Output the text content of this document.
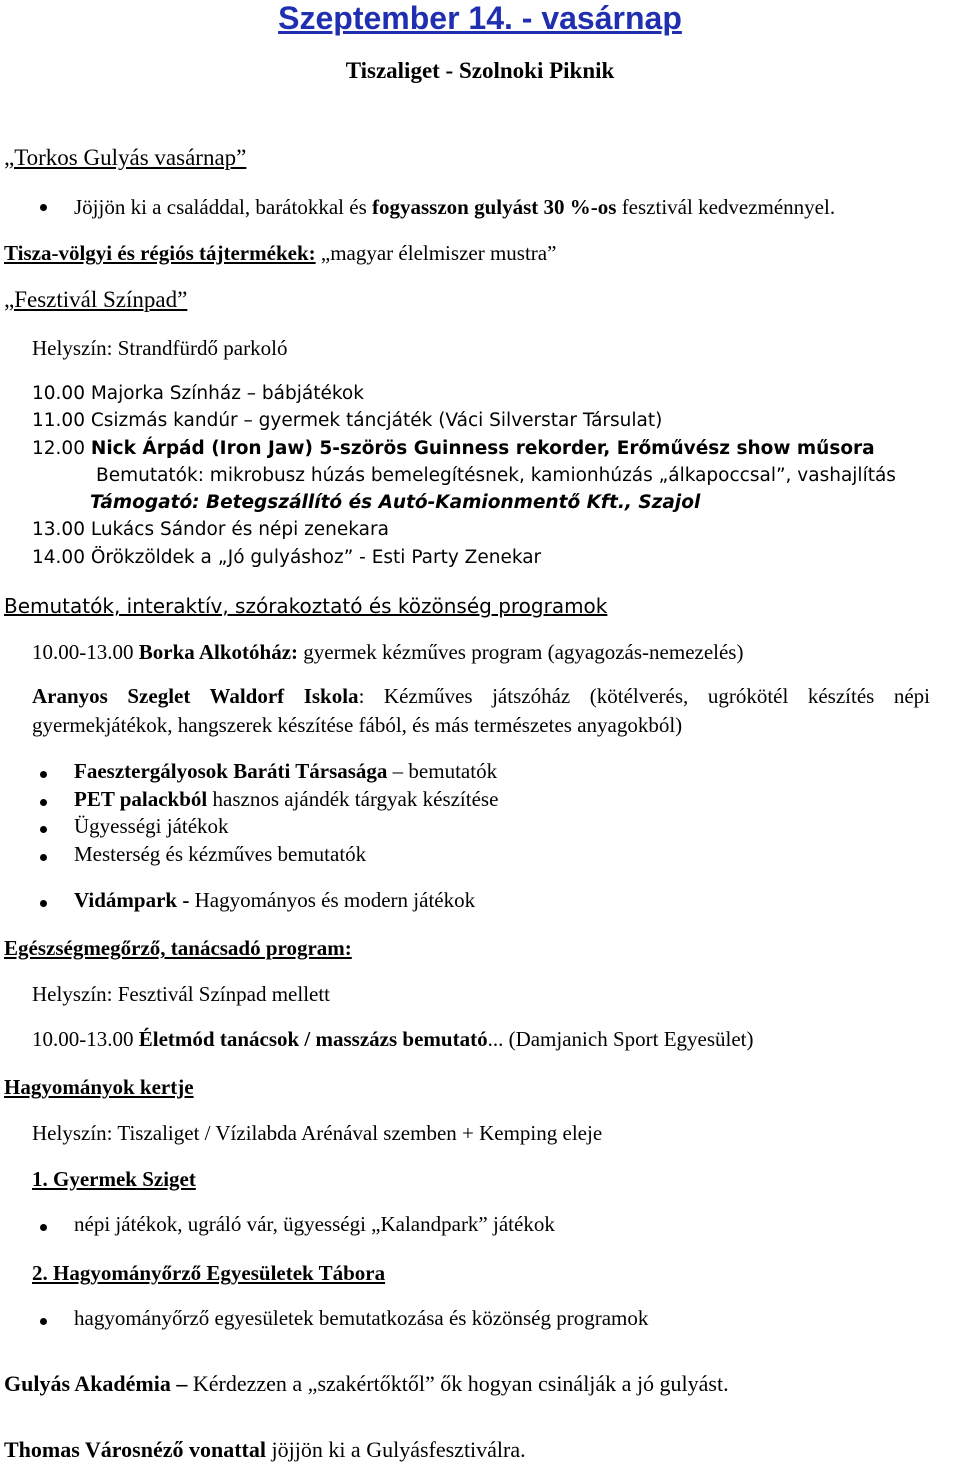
Szeptember 14. - vasárnap
Tiszaliget - Szolnoki Piknik
„Torkos Gulyás vasárnap”
Jöjjön ki a családdal, barátokkal és fogyasszon gulyást 30 %-os fesztivál kedvezménnyel.
Tisza-völgyi és régiós tájtermékek: „magyar élelmiszer mustra”
„Fesztivál Színpad”
Helyszín: Strandfürdő parkoló
10.00 Majorka Színház – bábjátékok
11.00 Csizmás kandúr – gyermek táncjáték (Váci Silverstar Társulat)
12.00 Nick Árpád (Iron Jaw) 5-szörös Guinness rekorder, Erőművész show műsora
Bemutatók: mikrobusz húzás bemelegítésnek, kamionhúzás „álkapoccsal”, vashajlítás
Támogató: Betegszállító és Autó-Kamionmentő Kft., Szajol
13.00 Lukács Sándor és népi zenekara
14.00 Örökzöldek a „Jó gulyáshoz” - Esti Party Zenekar
Bemutatók, interaktív, szórakoztató és közönség programok
10.00-13.00 Borka Alkotóház: gyermek kézműves program (agyagozás-nemezelés)
Aranyos Szeglet Waldorf Iskola: Kézműves játszóház (kötélverés, ugrókötél készítés népi gyermekjátékok, hangszerek készítése fából, és más természetes anyagokból)
Faesztergályosok Baráti Társasága – bemutatók
PET palackból hasznos ajándék tárgyak készítése
Ügyességi játékok
Mesterség és kézműves bemutatók
Vidámpark - Hagyományos és modern játékok
Egészségmegőrző, tanácsadó program:
Helyszín: Fesztivál Színpad mellett
10.00-13.00 Életmód tanácsok / masszázs bemutató... (Damjanich Sport Egyesület)
Hagyományok kertje
Helyszín: Tiszaliget / Vízilabda Arénával szemben + Kemping eleje
1. Gyermek Sziget
népi játékok, ugráló vár, ügyességi „Kalandpark” játékok
2. Hagyományőrző Egyesületek Tábora
hagyományőrző egyesületek bemutatkozása és közönség programok
Gulyás Akadémia – Kérdezzen a „szakértőktől” ők hogyan csinálják a jó gulyást.
Thomas Városnéző vonattal jöjjön ki a Gulyásfesztiválra.
